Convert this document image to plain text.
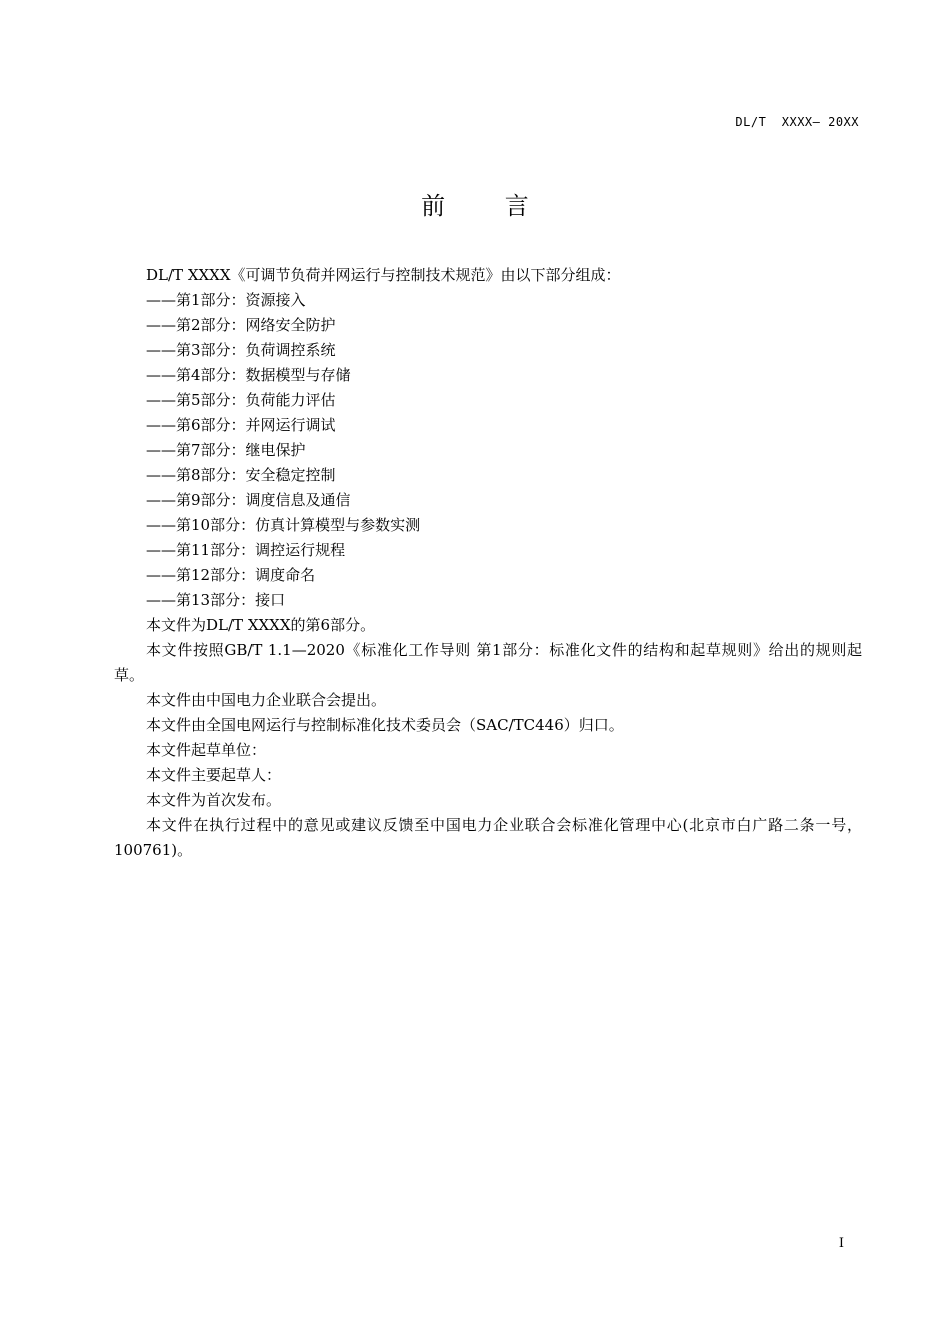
DL/T  XXXX— 20XX
前 言

DL/T XXXX《可调节负荷并网运行与控制技术规范》由以下部分组成：

——第1部分：资源接入
——第2部分：网络安全防护
——第3部分：负荷调控系统
——第4部分：数据模型与存储
——第5部分：负荷能力评估
——第6部分：并网运行调试
——第7部分：继电保护
——第8部分：安全稳定控制
——第9部分：调度信息及通信
——第10部分：仿真计算模型与参数实测
——第11部分：调控运行规程
——第12部分：调度命名
——第13部分：接口

本文件为DL/T XXXX的第6部分。

本文件按照GB/T 1.1—2020《标准化工作导则 第1部分：标准化文件的结构和起草规则》给出的规则起草。

本文件由中国电力企业联合会提出。

本文件由全国电网运行与控制标准化技术委员会（SAC/TC446）归口。

本文件起草单位：

本文件主要起草人：

本文件为首次发布。

本文件在执行过程中的意见或建议反馈至中国电力企业联合会标准化管理中心(北京市白广路二条一号，100761)。

I
